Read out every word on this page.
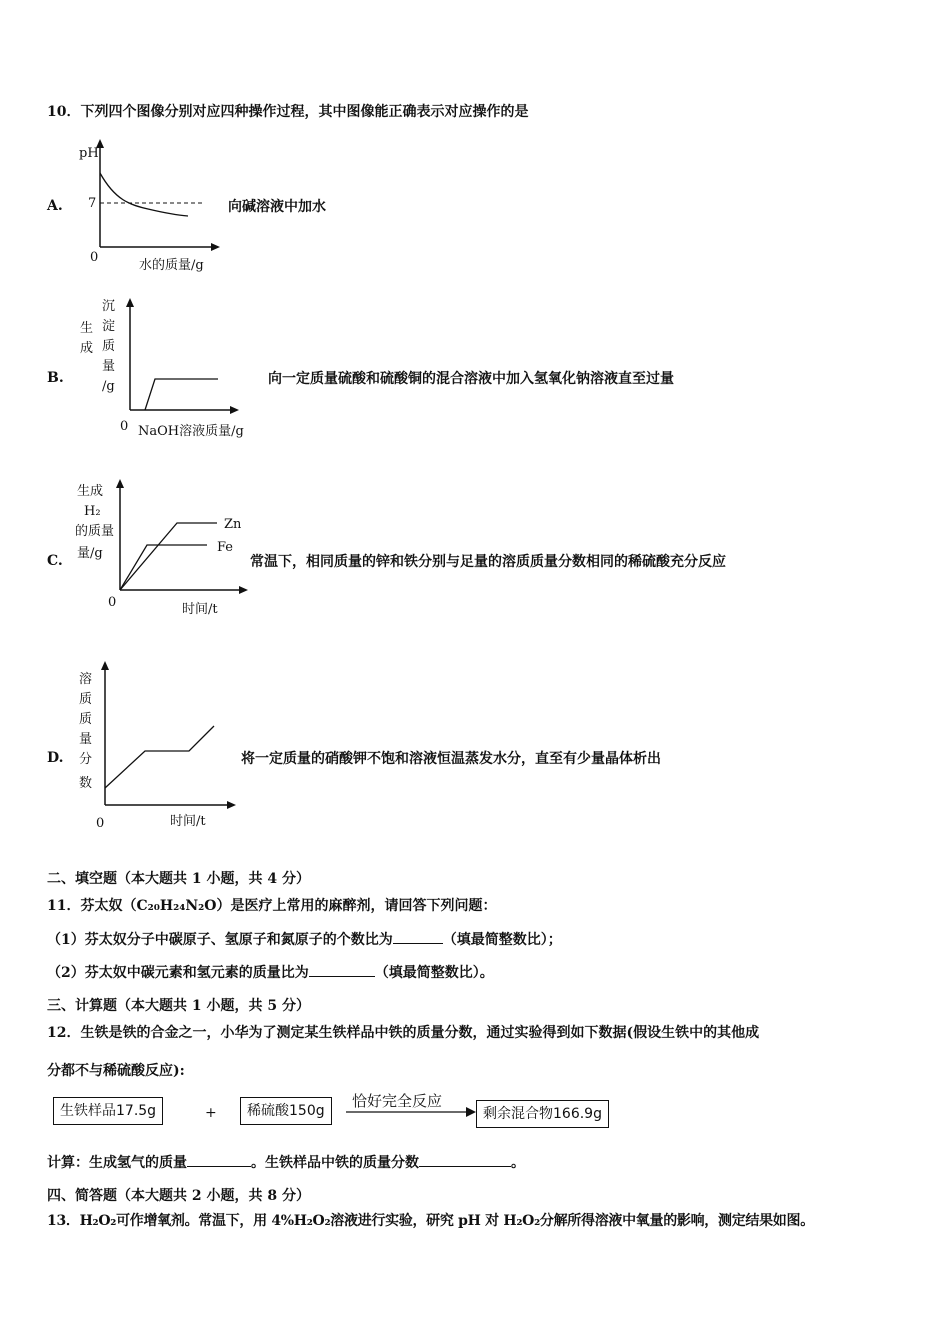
10．下列四个图像分别对应四种操作过程，其中图像能正确表示对应操作的是
A.
pH
7
0
水的质量/g
向碱溶液中加水
B.
生
成
沉
淀
质
量
/g
0 NaOH溶液质量/g
向一定质量硫酸和硫酸铜的混合溶液中加入氢氧化钠溶液直至过量
C.
Zn
Fe
生成
H₂
的质量
量/g
0	时间/t
常温下，相同质量的锌和铁分别与足量的溶质质量分数相同的稀硫酸充分反应
D.
溶
质
质
量
分
数
0	时间/t
将一定质量的硝酸钾不饱和溶液恒温蒸发水分，直至有少量晶体析出
二、填空题（本大题共 1 小题，共 4 分）
11．芬太奴（C₂₀H₂₄N₂O）是医疗上常用的麻醉剂，请回答下列问题：
（1）芬太奴分子中碳原子、氢原子和氮原子的个数比为	（填最简整数比）；
（2）芬太奴中碳元素和氢元素的质量比为	（填最简整数比）。
三、计算题（本大题共 1 小题，共 5 分）
12．生铁是铁的合金之一，小华为了测定某生铁样品中铁的质量分数，通过实验得到如下数据(假设生铁中的其他成
分都不与稀硫酸反应):
生铁样品17.5g	+	稀硫酸150g
恰好完全反应
剩余混合物166.9g
计算：生成氢气的质量	。生铁样品中铁的质量分数	。
四、简答题（本大题共 2 小题，共 8 分）
13．H₂O₂可作增氧剂。常温下，用 4%H₂O₂溶液进行实验，研究 pH 对 H₂O₂分解所得溶液中氧量的影响，测定结果如图。
